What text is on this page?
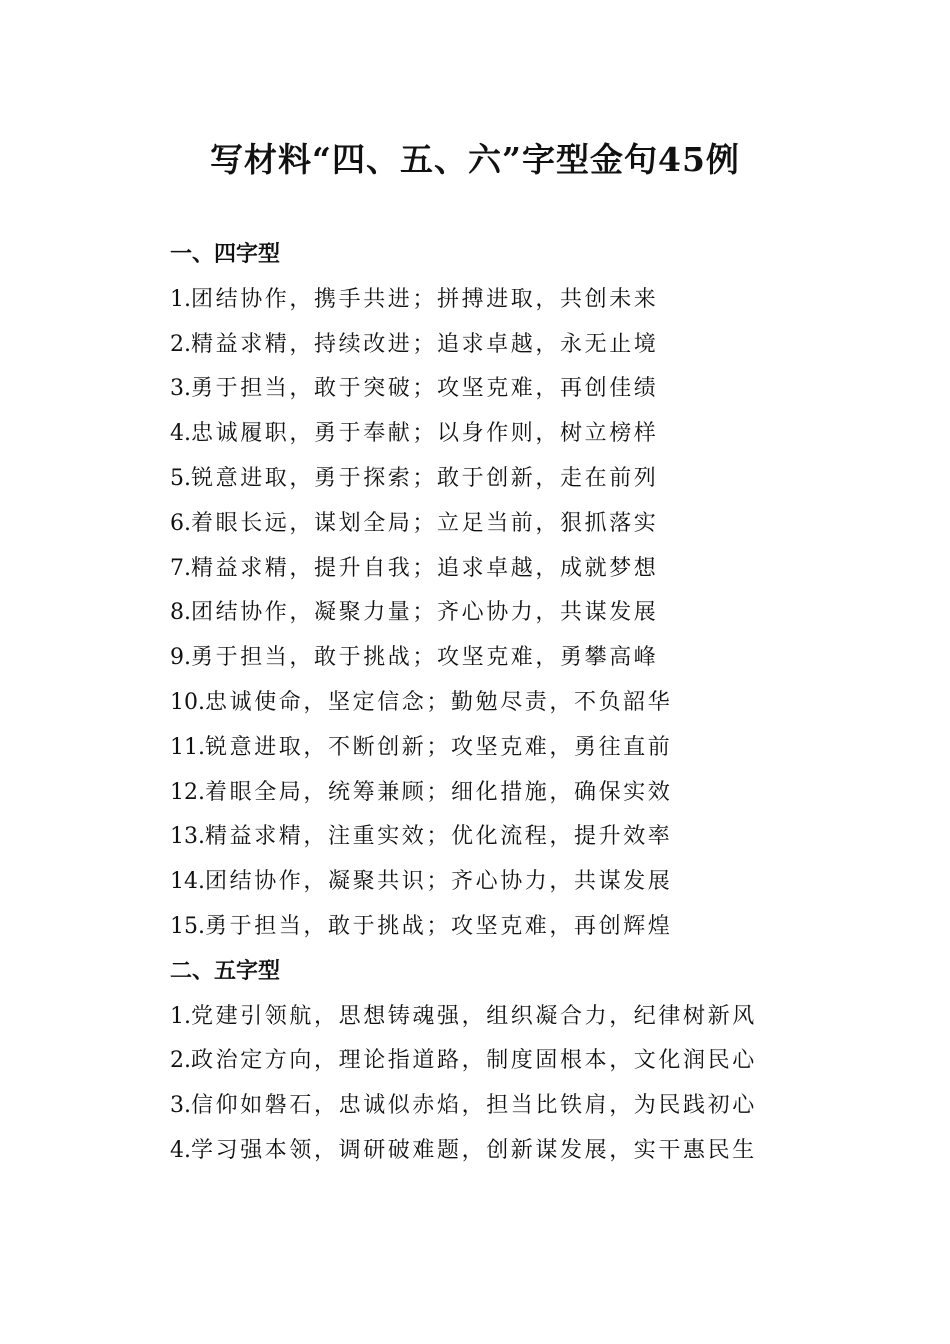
写材料“四、五、六”字型金句45例
一、四字型
1.团结协作，携手共进；拼搏进取，共创未来
2.精益求精，持续改进；追求卓越，永无止境
3.勇于担当，敢于突破；攻坚克难，再创佳绩
4.忠诚履职，勇于奉献；以身作则，树立榜样
5.锐意进取，勇于探索；敢于创新，走在前列
6.着眼长远，谋划全局；立足当前，狠抓落实
7.精益求精，提升自我；追求卓越，成就梦想
8.团结协作，凝聚力量；齐心协力，共谋发展
9.勇于担当，敢于挑战；攻坚克难，勇攀高峰
10.忠诚使命，坚定信念；勤勉尽责，不负韶华
11.锐意进取，不断创新；攻坚克难，勇往直前
12.着眼全局，统筹兼顾；细化措施，确保实效
13.精益求精，注重实效；优化流程，提升效率
14.团结协作，凝聚共识；齐心协力，共谋发展
15.勇于担当，敢于挑战；攻坚克难，再创辉煌
二、五字型
1.党建引领航，思想铸魂强，组织凝合力，纪律树新风
2.政治定方向，理论指道路，制度固根本，文化润民心
3.信仰如磐石，忠诚似赤焰，担当比铁肩，为民践初心
4.学习强本领，调研破难题，创新谋发展，实干惠民生
